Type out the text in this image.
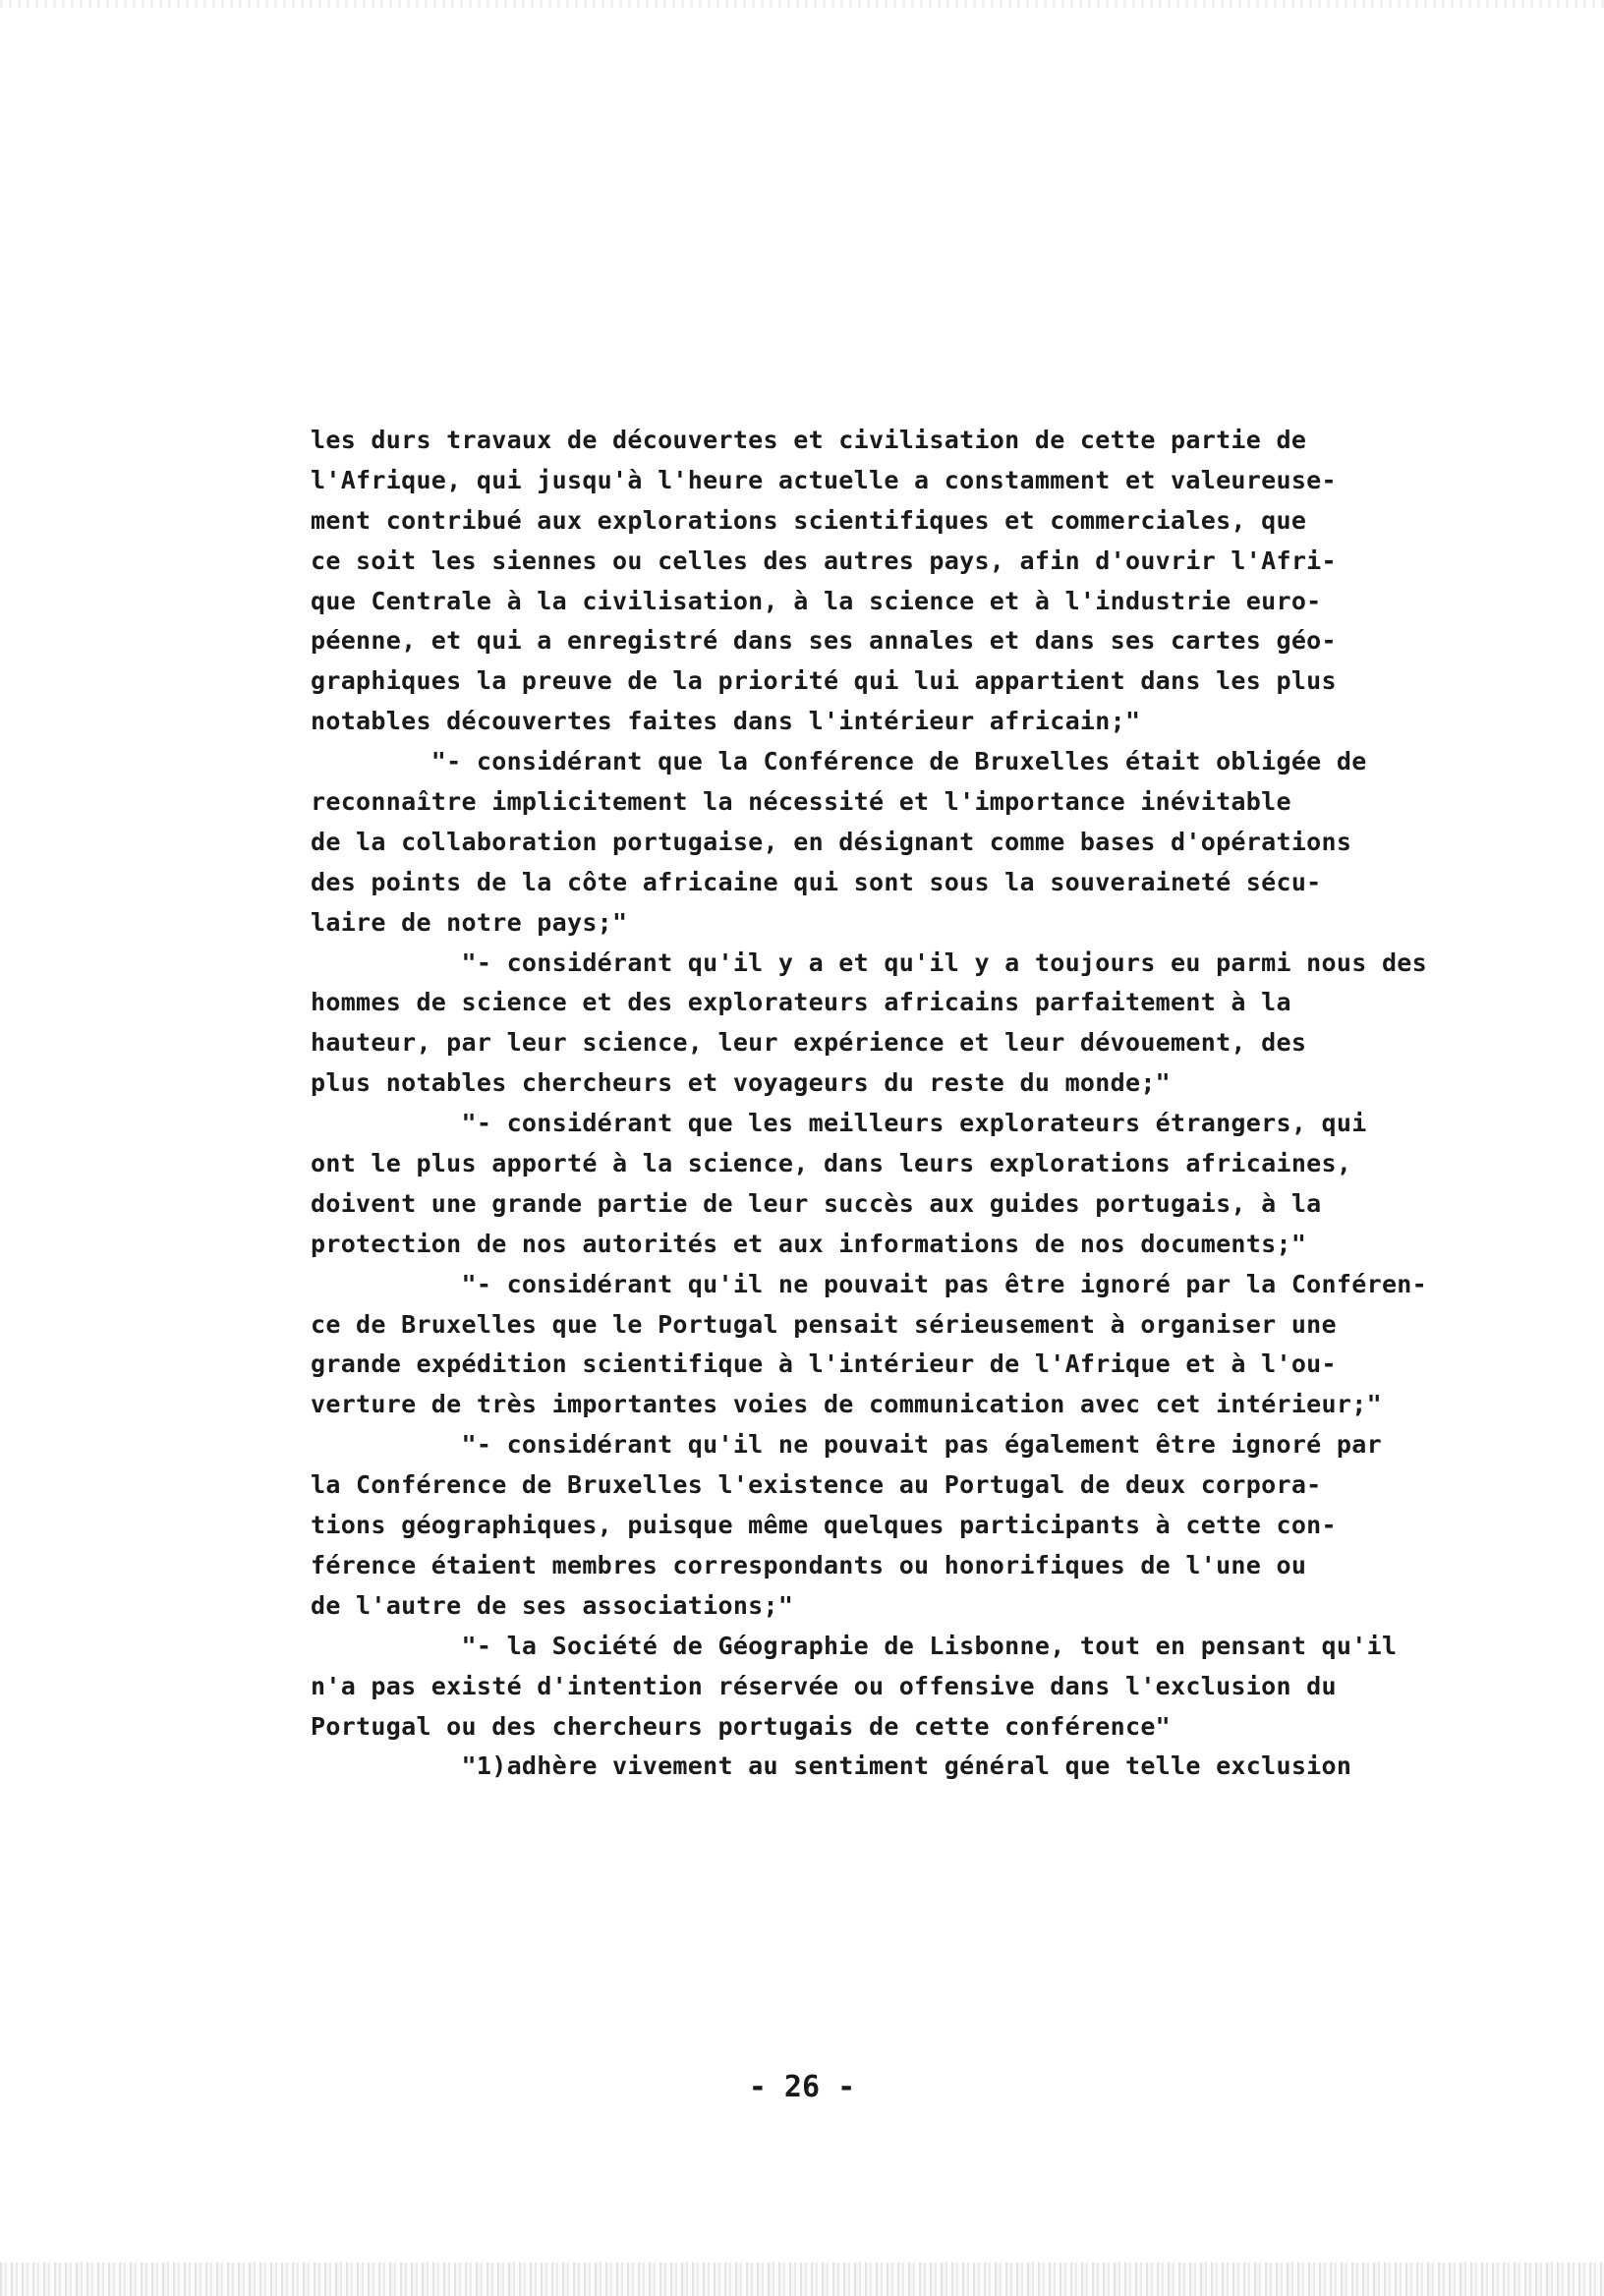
les durs travaux de découvertes et civilisation de cette partie de
l'Afrique, qui jusqu'à l'heure actuelle a constamment et valeureuse-
ment contribué aux explorations scientifiques et commerciales, que
ce soit les siennes ou celles des autres pays, afin d'ouvrir l'Afri-
que Centrale à la civilisation, à la science et à l'industrie euro-
péenne, et qui a enregistré dans ses annales et dans ses cartes géo-
graphiques la preuve de la priorité qui lui appartient dans les plus
notables découvertes faites dans l'intérieur africain;"
"- considérant que la Conférence de Bruxelles était obligée de
reconnaître implicitement la nécessité et l'importance inévitable
de la collaboration portugaise, en désignant comme bases d'opérations
des points de la côte africaine qui sont sous la souveraineté sécu-
laire de notre pays;"
"- considérant qu'il y a et qu'il y a toujours eu parmi nous des
hommes de science et des explorateurs africains parfaitement à la
hauteur, par leur science, leur expérience et leur dévouement, des
plus notables chercheurs et voyageurs du reste du monde;"
"- considérant que les meilleurs explorateurs étrangers, qui
ont le plus apporté à la science, dans leurs explorations africaines,
doivent une grande partie de leur succès aux guides portugais, à la
protection de nos autorités et aux informations de nos documents;"
"- considérant qu'il ne pouvait pas être ignoré par la Conféren-
ce de Bruxelles que le Portugal pensait sérieusement à organiser une
grande expédition scientifique à l'intérieur de l'Afrique et à l'ou-
verture de très importantes voies de communication avec cet intérieur;"
"- considérant qu'il ne pouvait pas également être ignoré par
la Conférence de Bruxelles l'existence au Portugal de deux corpora-
tions géographiques, puisque même quelques participants à cette con-
férence étaient membres correspondants ou honorifiques de l'une ou
de l'autre de ses associations;"
"- la Société de Géographie de Lisbonne, tout en pensant qu'il
n'a pas existé d'intention réservée ou offensive dans l'exclusion du
Portugal ou des chercheurs portugais de cette conférence"
"1)adhère vivement au sentiment général que telle exclusion
- 26 -
